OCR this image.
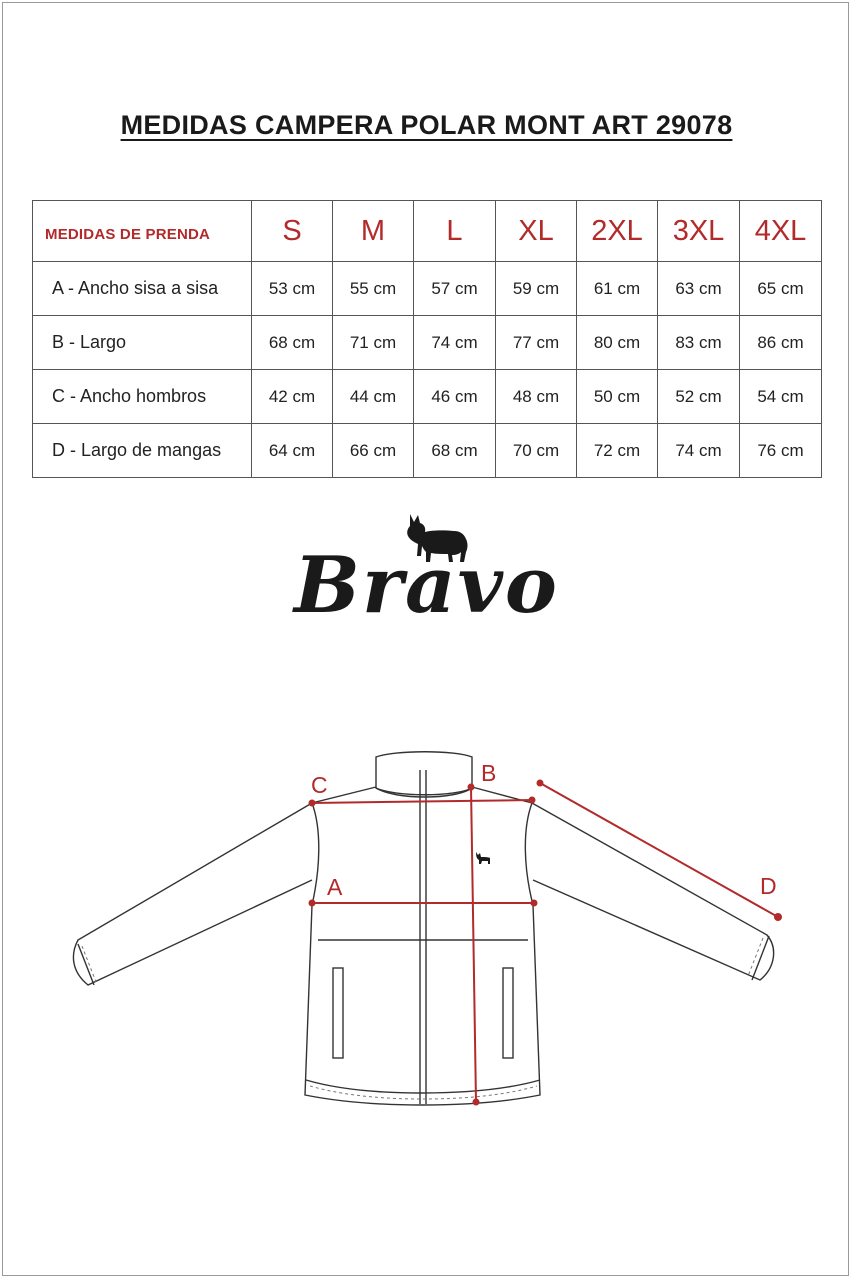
MEDIDAS CAMPERA POLAR MONT ART 29078
MEDIDAS DE PRENDA	S	M	L	XL	2XL	3XL	4XL
A - Ancho sisa a sisa	53 cm	55 cm	57 cm	59 cm	61 cm	63 cm	65 cm
B - Largo	68 cm	71 cm	74 cm	77 cm	80 cm	83 cm	86 cm
C - Ancho hombros	42 cm	44 cm	46 cm	48 cm	50 cm	52 cm	54 cm
D - Largo de mangas	64 cm	66 cm	68 cm	70 cm	72 cm	74 cm	76 cm
Bravo
C	B
A	D
